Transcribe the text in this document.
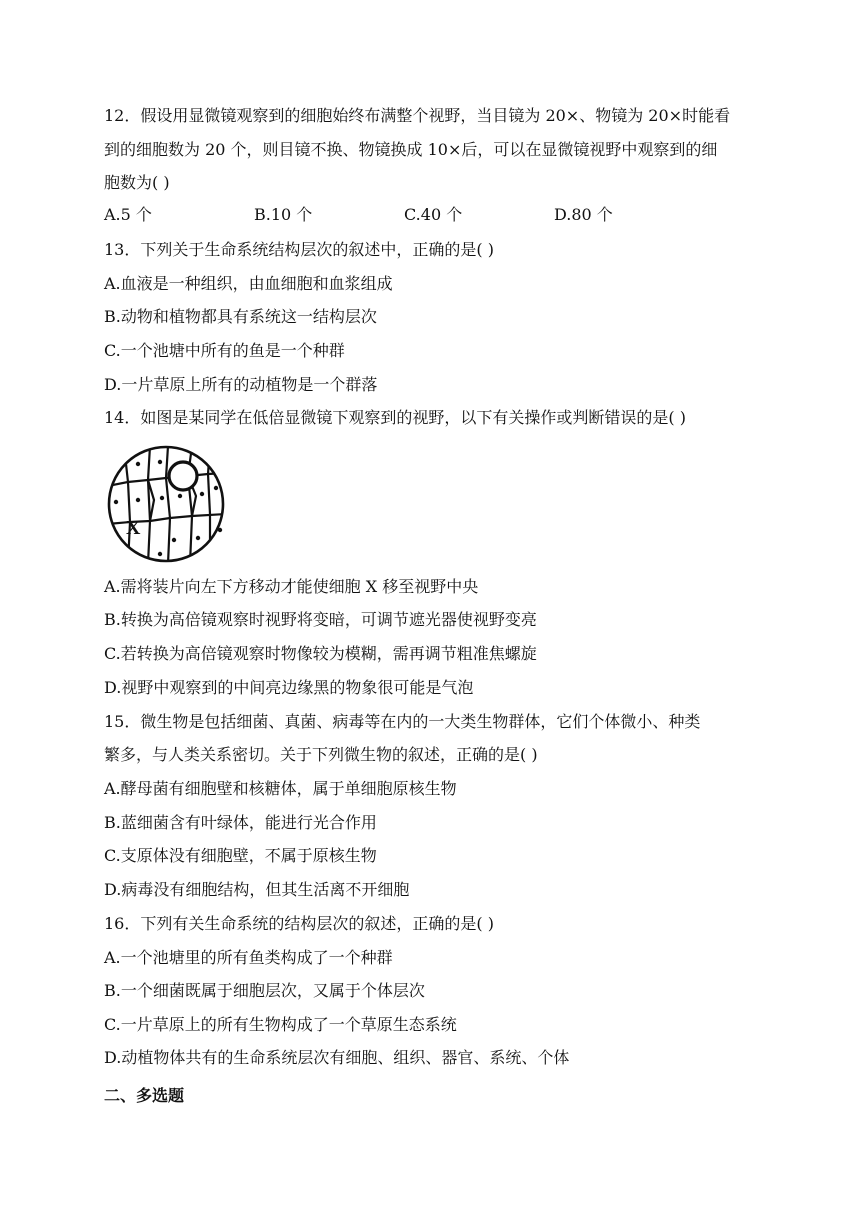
12．假设用显微镜观察到的细胞始终布满整个视野，当目镜为 20×、物镜为 20×时能看
到的细胞数为 20 个，则目镜不换、物镜换成 10×后，可以在显微镜视野中观察到的细
胞数为( )
A.5 个	B.10 个	C.40 个	D.80 个
13．下列关于生命系统结构层次的叙述中，正确的是( )
A.血液是一种组织，由血细胞和血浆组成
B.动物和植物都具有系统这一结构层次
C.一个池塘中所有的鱼是一个种群
D.一片草原上所有的动植物是一个群落
14．如图是某同学在低倍显微镜下观察到的视野，以下有关操作或判断错误的是( )
X
A.需将装片向左下方移动才能使细胞 X 移至视野中央
B.转换为高倍镜观察时视野将变暗，可调节遮光器使视野变亮
C.若转换为高倍镜观察时物像较为模糊，需再调节粗准焦螺旋
D.视野中观察到的中间亮边缘黑的物象很可能是气泡
15．微生物是包括细菌、真菌、病毒等在内的一大类生物群体，它们个体微小、种类
繁多，与人类关系密切。关于下列微生物的叙述，正确的是( )
A.酵母菌有细胞壁和核糖体，属于单细胞原核生物
B.蓝细菌含有叶绿体，能进行光合作用
C.支原体没有细胞壁，不属于原核生物
D.病毒没有细胞结构，但其生活离不开细胞
16．下列有关生命系统的结构层次的叙述，正确的是( )
A.一个池塘里的所有鱼类构成了一个种群
B.一个细菌既属于细胞层次，又属于个体层次
C.一片草原上的所有生物构成了一个草原生态系统
D.动植物体共有的生命系统层次有细胞、组织、器官、系统、个体
二、多选题
